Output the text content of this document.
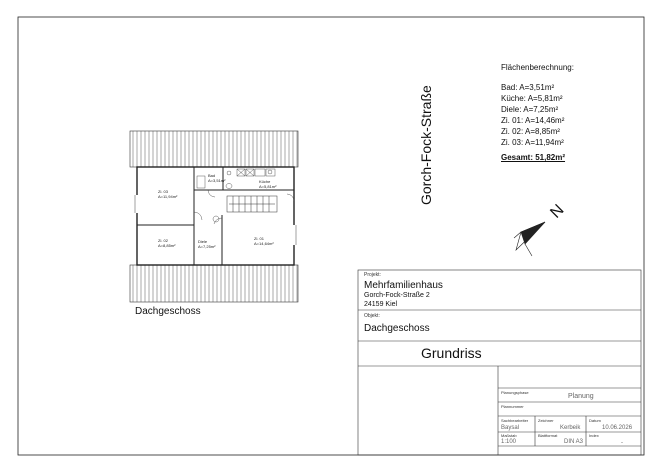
Flächenberechnung:
Bad: A=3,51m²
Küche: A=5,81m²
Diele: A=7,25m²
Zi. 01: A=14,46m²
Zi. 02: A=8,85m²
Zi. 03: A=11,94m²
Gesamt: 51,82m²
Gorch-Fock-Straße
N
Zi. 03
A=11,94m²
Bad
A=3,51m²	Küche
A=5,81m²
Zi. 02
A=8,85m²
Diele
A=7,25m²
Zi. 01
A=14,64m²
Dachgeschoss
Projekt:
Mehrfamilienhaus
Gorch-Fock-Straße 2
24159 Kiel
Objekt:
Dachgeschoss
Grundriss
Planungsphase
Planung
Plannummer
Sachbearbeiter
Baysal
Zeichner
Kerbeik
Datum
10.06.2026
Maßstab
1:100
Blattformat
DIN A3
Index
-
